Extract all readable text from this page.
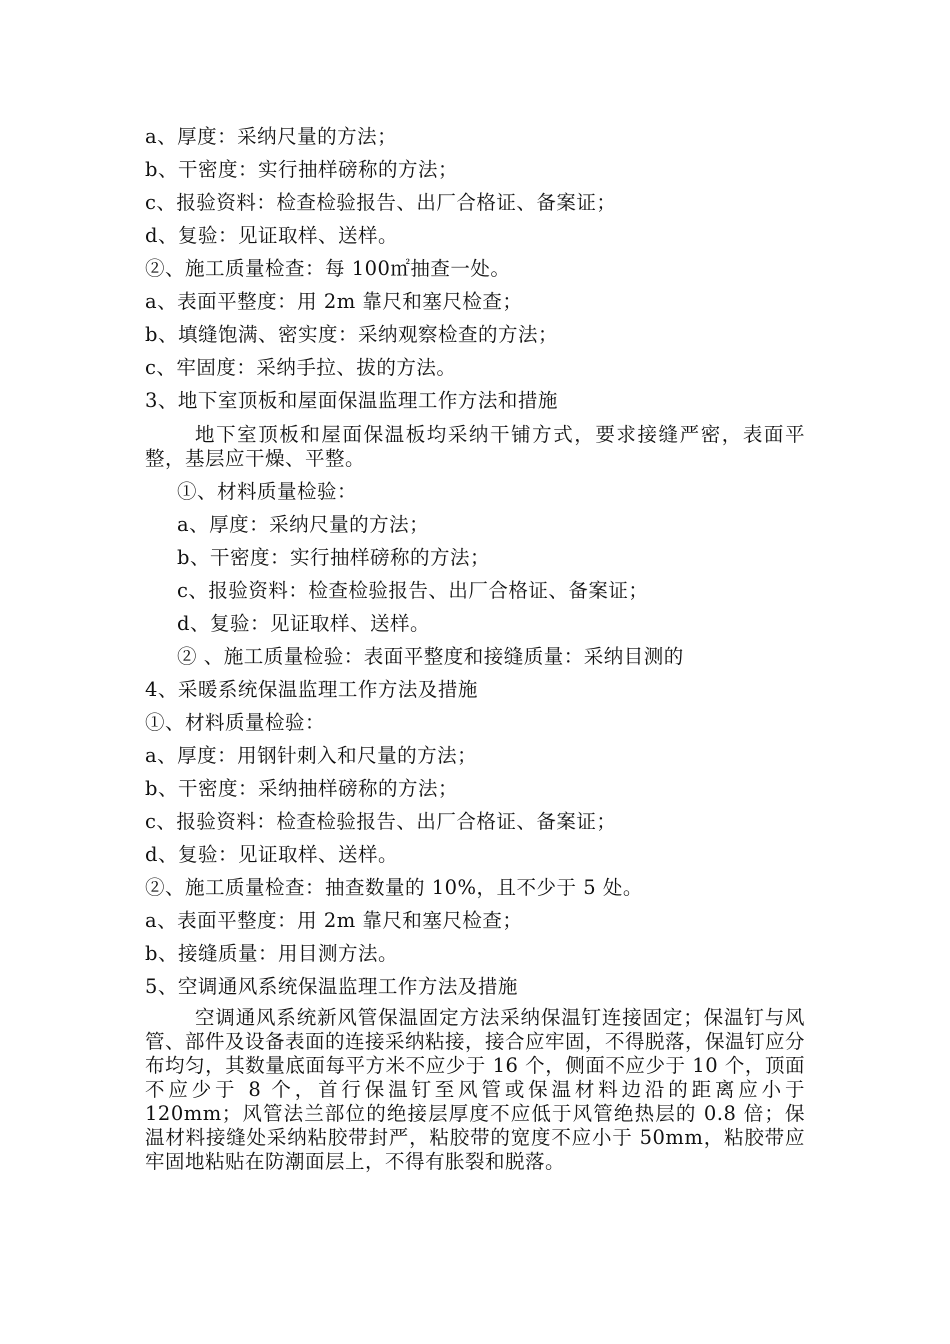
a、厚度：采纳尺量的方法；
b、干密度：实行抽样磅称的方法；
c、报验资料：检查检验报告、出厂合格证、备案证；
d、复验：见证取样、送样。
②、施工质量检查：每 100㎡抽查一处。
a、表面平整度：用 2m 靠尺和塞尺检查；
b、填缝饱满、密实度：采纳观察检查的方法；
c、牢固度：采纳手拉、拔的方法。
3、地下室顶板和屋面保温监理工作方法和措施
地下室顶板和屋面保温板均采纳干铺方式，要求接缝严密，表面平整，基层应干燥、平整。
①、材料质量检验：
a、厚度：采纳尺量的方法；
b、干密度：实行抽样磅称的方法；
c、报验资料：检查检验报告、出厂合格证、备案证；
d、复验：见证取样、送样。
② 、施工质量检验：表面平整度和接缝质量：采纳目测的
4、采暖系统保温监理工作方法及措施
①、材料质量检验：
a、厚度：用钢针刺入和尺量的方法；
b、干密度：采纳抽样磅称的方法；
c、报验资料：检查检验报告、出厂合格证、备案证；
d、复验：见证取样、送样。
②、施工质量检查：抽查数量的 10%，且不少于 5 处。
a、表面平整度：用 2m 靠尺和塞尺检查；
b、接缝质量：用目测方法。
5、空调通风系统保温监理工作方法及措施
空调通风系统新风管保温固定方法采纳保温钉连接固定；保温钉与风管、部件及设备表面的连接采纳粘接，接合应牢固，不得脱落，保温钉应分布均匀，其数量底面每平方米不应少于 16 个，侧面不应少于 10 个，顶面不应少于 8 个，首行保温钉至风管或保温材料边沿的距离应小于 120mm；风管法兰部位的绝接层厚度不应低于风管绝热层的 0.8 倍；保温材料接缝处采纳粘胶带封严，粘胶带的宽度不应小于 50mm，粘胶带应牢固地粘贴在防潮面层上，不得有胀裂和脱落。
